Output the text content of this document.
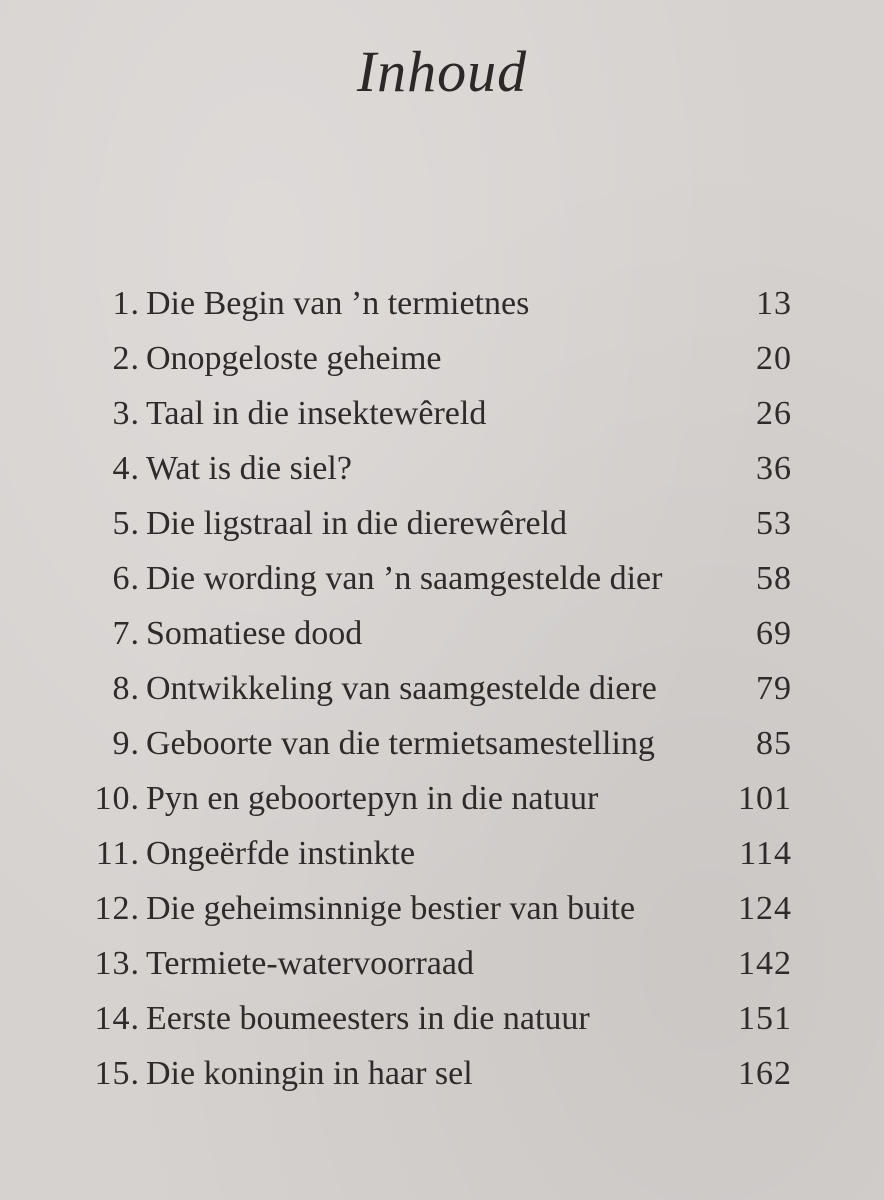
Inhoud
1. Die Begin van ’n termietnes	13
2. Onopgeloste geheime	20
3. Taal in die insektewêreld	26
4. Wat is die siel?	36
5. Die ligstraal in die dierewêreld	53
6. Die wording van ’n saamgestelde dier	58
7. Somatiese dood	69
8. Ontwikkeling van saamgestelde diere	79
9. Geboorte van die termietsamestelling	85
10. Pyn en geboortepyn in die natuur	101
11. Ongeërfde instinkte	114
12. Die geheimsinnige bestier van buite	124
13. Termiete-watervoorraad	142
14. Eerste boumeesters in die natuur	151
15. Die koningin in haar sel	162
